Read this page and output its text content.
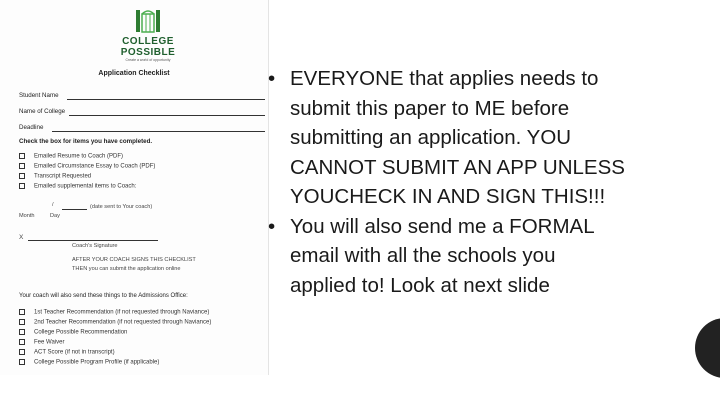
COLLEGE
POSSIBLE
Create a world of opportunity
Application Checklist
Student Name
Name of College
Deadline
Check the box for items you have completed.
Emailed Resume to Coach (PDF)
Emailed Circumstance Essay to Coach (PDF)
Transcript Requested
Emailed supplemental items to Coach:
/	(date sent to Your coach)
Month	Day
X
Coach's Signature
AFTER YOUR COACH SIGNS THIS CHECKLIST
THEN you can submit the application online
Your coach will also send these things to the Admissions Office:
1st Teacher Recommendation (if not requested through Naviance)
2nd Teacher Recommendation (if not requested through Naviance)
College Possible Recommendation
Fee Waiver
ACT Score (if not in transcript)
College Possible Program Profile (if applicable)
• EVERYONE that applies needs to
submit this paper to ME before
submitting an application. YOU
CANNOT SUBMIT AN APP UNLESS
YOUCHECK IN AND SIGN THIS!!!
• You will also send me a FORMAL
email with all the schools you
applied to! Look at next slide
